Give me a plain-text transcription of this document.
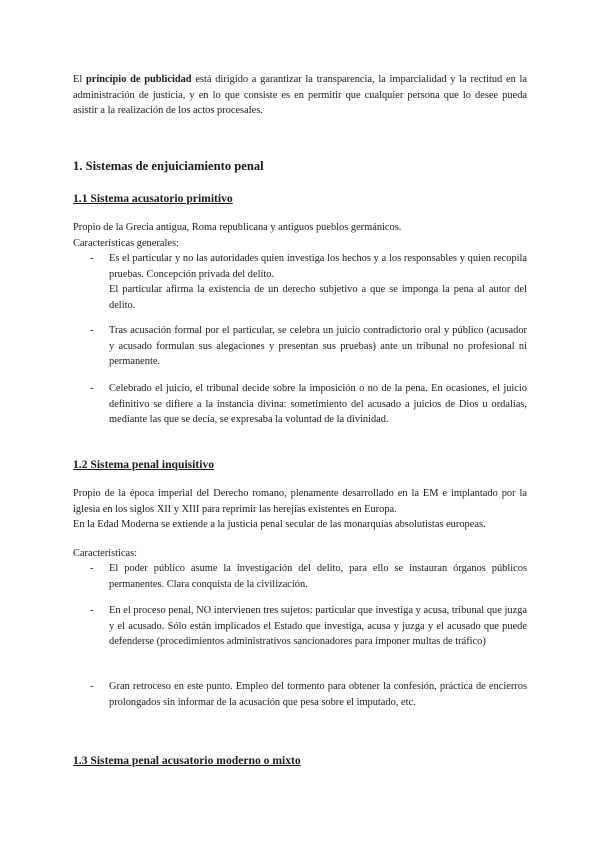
El principio de publicidad está dirigido a garantizar la transparencia, la imparcialidad y la rectitud en la administración de justicia, y en lo que consiste es en permitir que cualquier persona que lo desee pueda asistir a la realización de los actos procesales.

1. Sistemas de enjuiciamiento penal
1.1 Sistema acusatorio primitivo

Propio de la Grecia antigua, Roma republicana y antiguos pueblos germánicos.

Características generales:

-	Es el particular y no las autoridades quien investiga los hechos y a los responsables y quien recopila pruebas. Concepción privada del delito.
El particular afirma la existencia de un derecho subjetivo a que se imponga la pena al autor del delito.
-	Tras acusación formal por el particular, se celebra un juicio contradictorio oral y público (acusador y acusado formulan sus alegaciones y presentan sus pruebas) ante un tribunal no profesional ni permanente.
-	Celebrado el juicio, el tribunal decide sobre la imposición o no de la pena. En ocasiones, el juicio definitivo se difiere a la instancia divina: sometimiento del acusado a juicios de Dios u ordalías, mediante las que se decía, se expresaba la voluntad de la divinidad.
1.2 Sistema penal inquisitivo

Propio de la época imperial del Derecho romano, plenamente desarrollado en la EM e implantado por la iglesia en los siglos XII y XIII para reprimir las herejías existentes en Europa.

En la Edad Moderna se extiende a la justicia penal secular de las monarquías absolutistas europeas.

Características:

-	El poder público asume la investigación del delito, para ello se instauran órganos públicos permanentes. Clara conquista de la civilización.
-	En el proceso penal, NO intervienen tres sujetos: particular que investiga y acusa, tribunal que juzga y el acusado. Sólo están implicados el Estado que investiga, acusa y juzga y el acusado que puede defenderse (procedimientos administrativos sancionadores para imponer multas de tráfico)
-	Gran retroceso en este punto. Empleo del tormento para obtener la confesión, práctica de encierros prolongados sin informar de la acusación que pesa sobre el imputado, etc.
1.3 Sistema penal acusatorio moderno o mixto
